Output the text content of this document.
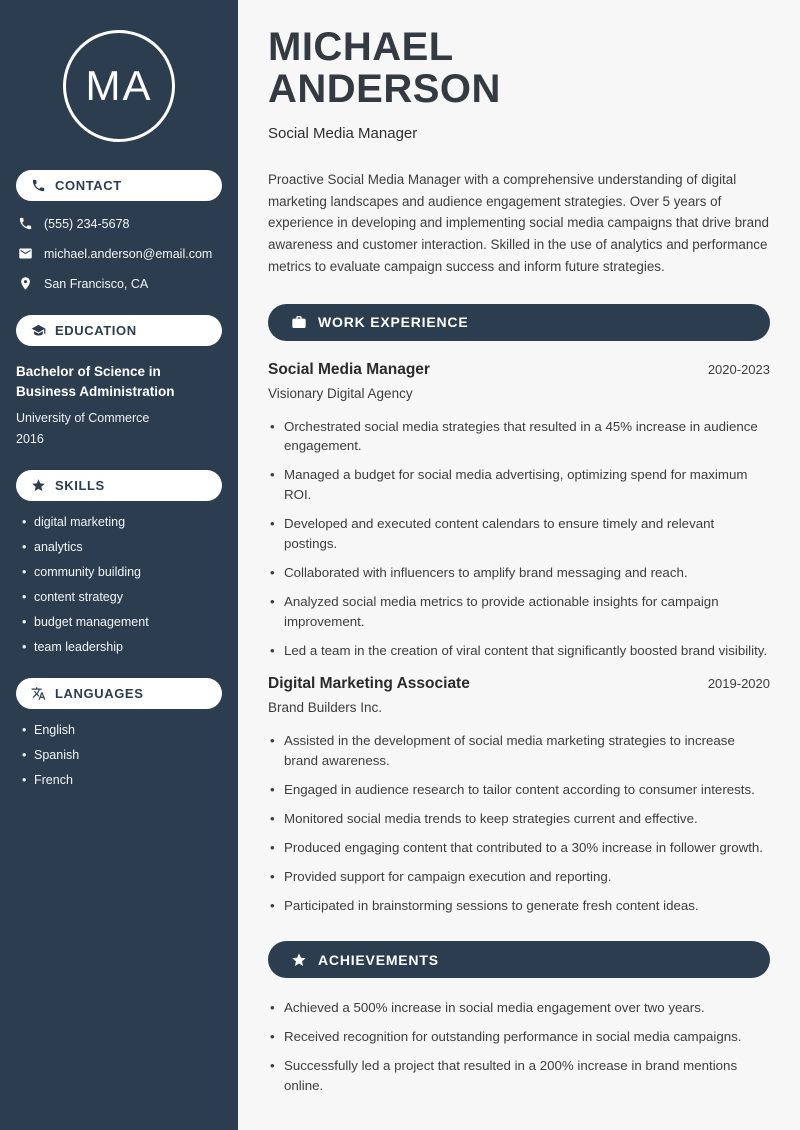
MA
CONTACT
(555) 234-5678
michael.anderson@email.com
San Francisco, CA
EDUCATION
Bachelor of Science in Business Administration
University of Commerce
2016
SKILLS
• digital marketing
• analytics
• community building
• content strategy
• budget management
• team leadership
LANGUAGES
• English
• Spanish
• French
MICHAEL
ANDERSON
Social Media Manager

Proactive Social Media Manager with a comprehensive understanding of digital marketing landscapes and audience engagement strategies. Over 5 years of experience in developing and implementing social media campaigns that drive brand awareness and customer interaction. Skilled in the use of analytics and performance metrics to evaluate campaign success and inform future strategies.

WORK EXPERIENCE
Social Media Manager	2020-2023
Visionary Digital Agency
• Orchestrated social media strategies that resulted in a 45% increase in audience engagement.
• Managed a budget for social media advertising, optimizing spend for maximum ROI.
• Developed and executed content calendars to ensure timely and relevant postings.
• Collaborated with influencers to amplify brand messaging and reach.
• Analyzed social media metrics to provide actionable insights for campaign improvement.
• Led a team in the creation of viral content that significantly boosted brand visibility.
Digital Marketing Associate	2019-2020
Brand Builders Inc.
• Assisted in the development of social media marketing strategies to increase brand awareness.
• Engaged in audience research to tailor content according to consumer interests.
• Monitored social media trends to keep strategies current and effective.
• Produced engaging content that contributed to a 30% increase in follower growth.
• Provided support for campaign execution and reporting.
• Participated in brainstorming sessions to generate fresh content ideas.
ACHIEVEMENTS
• Achieved a 500% increase in social media engagement over two years.
• Received recognition for outstanding performance in social media campaigns.
• Successfully led a project that resulted in a 200% increase in brand mentions online.
